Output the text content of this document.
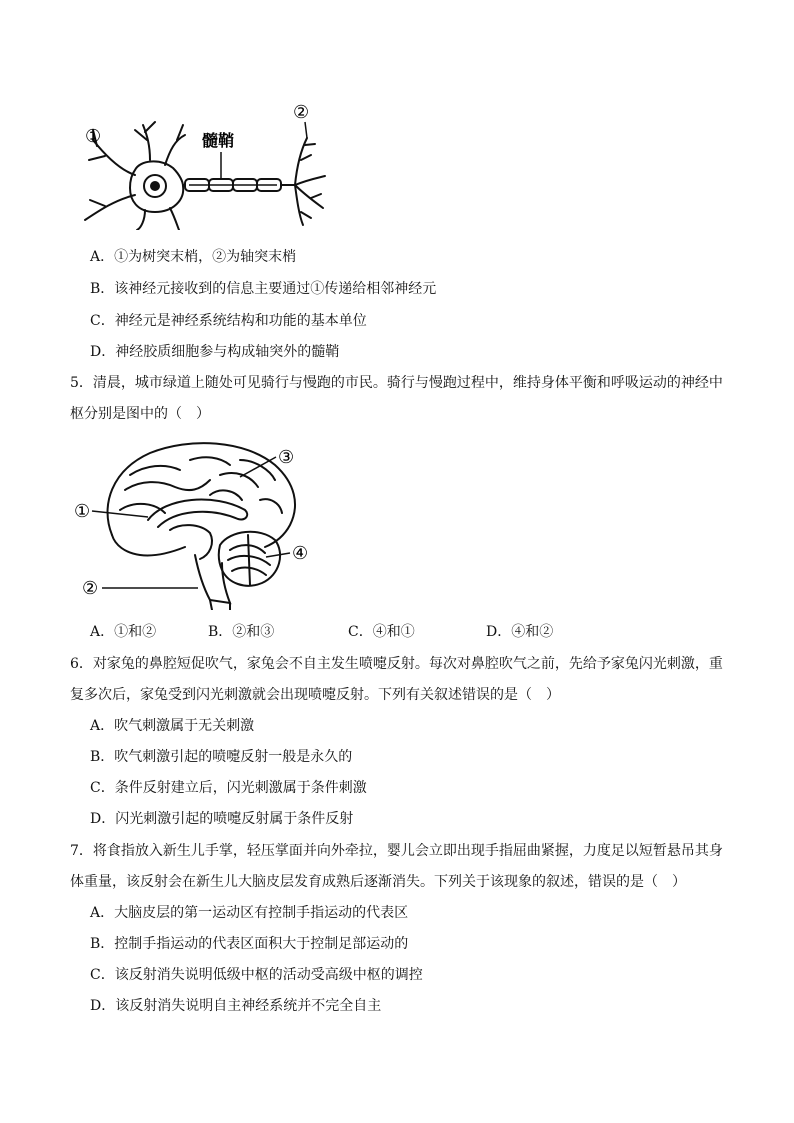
①	髓鞘
②
A．①为树突末梢，②为轴突末梢
B．该神经元接收到的信息主要通过①传递给相邻神经元
C．神经元是神经系统结构和功能的基本单位
D．神经胶质细胞参与构成轴突外的髓鞘
5．清晨，城市绿道上随处可见骑行与慢跑的市民。骑行与慢跑过程中，维持身体平衡和呼吸运动的神经中
枢分别是图中的（　）
①
②
③
④
A．①和②	B．②和③	C．④和①	D．④和②
6．对家兔的鼻腔短促吹气，家兔会不自主发生喷嚏反射。每次对鼻腔吹气之前，先给予家兔闪光刺激，重
复多次后，家兔受到闪光刺激就会出现喷嚏反射。下列有关叙述错误的是（　）
A．吹气刺激属于无关刺激
B．吹气刺激引起的喷嚏反射一般是永久的
C．条件反射建立后，闪光刺激属于条件刺激
D．闪光刺激引起的喷嚏反射属于条件反射
7．将食指放入新生儿手掌，轻压掌面并向外牵拉，婴儿会立即出现手指屈曲紧握，力度足以短暂悬吊其身
体重量，该反射会在新生儿大脑皮层发育成熟后逐渐消失。下列关于该现象的叙述，错误的是（　）
A．大脑皮层的第一运动区有控制手指运动的代表区
B．控制手指运动的代表区面积大于控制足部运动的
C．该反射消失说明低级中枢的活动受高级中枢的调控
D．该反射消失说明自主神经系统并不完全自主
